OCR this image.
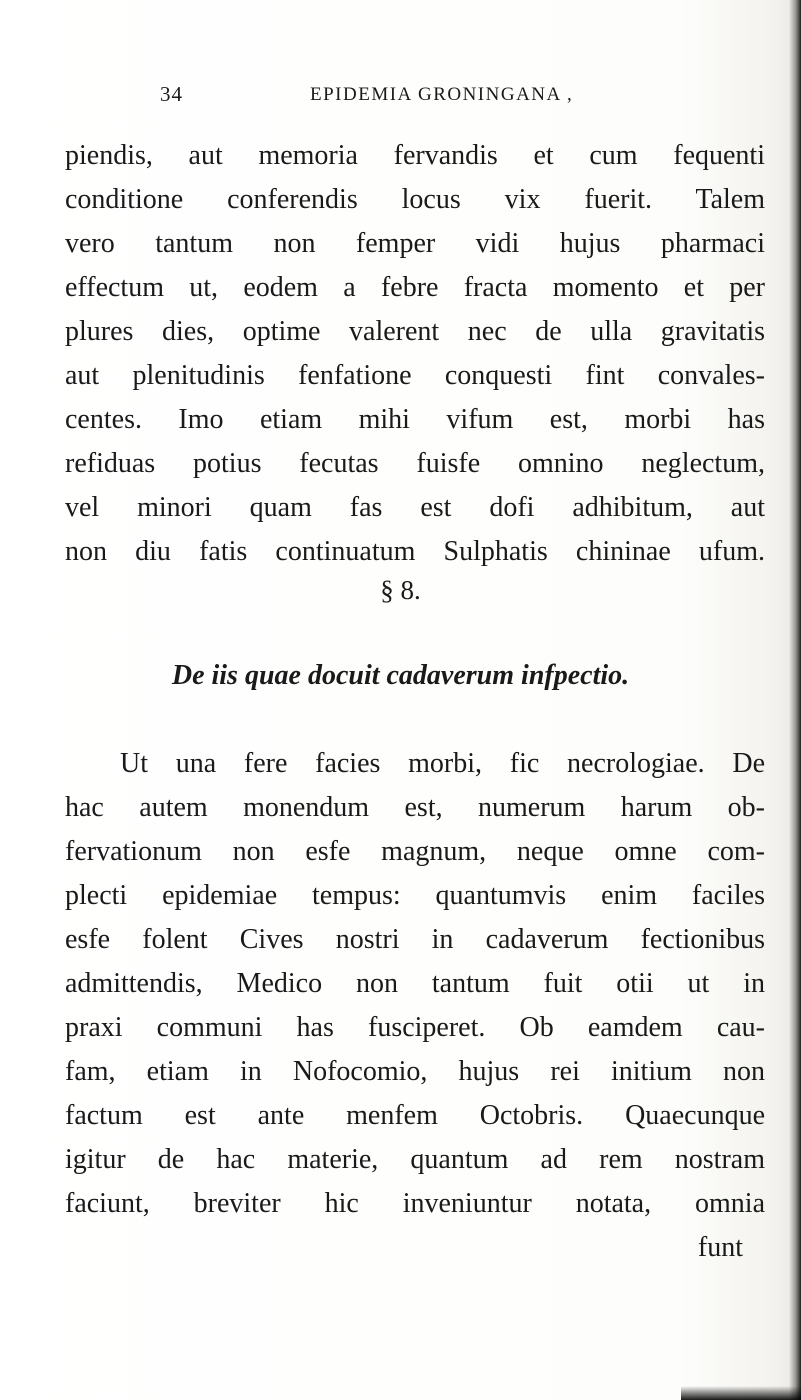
34	EPIDEMIA GRONINGANA ,
piendis, aut memoria fervandis et cum fequenti
conditione conferendis locus vix fuerit. Talem
vero tantum non femper vidi hujus pharmaci
effectum ut, eodem a febre fracta momento et per
plures dies, optime valerent nec de ulla gravitatis
aut plenitudinis fenfatione conquesti fint convales-
centes. Imo etiam mihi vifum est, morbi has
refiduas potius fecutas fuisfe omnino neglectum,
vel minori quam fas est dofi adhibitum, aut
non diu fatis continuatum Sulphatis chininae ufum.
§ 8.
De iis quae docuit cadaverum infpectio.
Ut una fere facies morbi, fic necrologiae. De
hac autem monendum est, numerum harum ob-
fervationum non esfe magnum, neque omne com-
plecti epidemiae tempus: quantumvis enim faciles
esfe folent Cives nostri in cadaverum fectionibus
admittendis, Medico non tantum fuit otii ut in
praxi communi has fusciperet. Ob eamdem cau-
fam, etiam in Nofocomio, hujus rei initium non
factum est ante menfem Octobris. Quaecunque
igitur de hac materie, quantum ad rem nostram
faciunt, breviter hic inveniuntur notata, omnia
funt
